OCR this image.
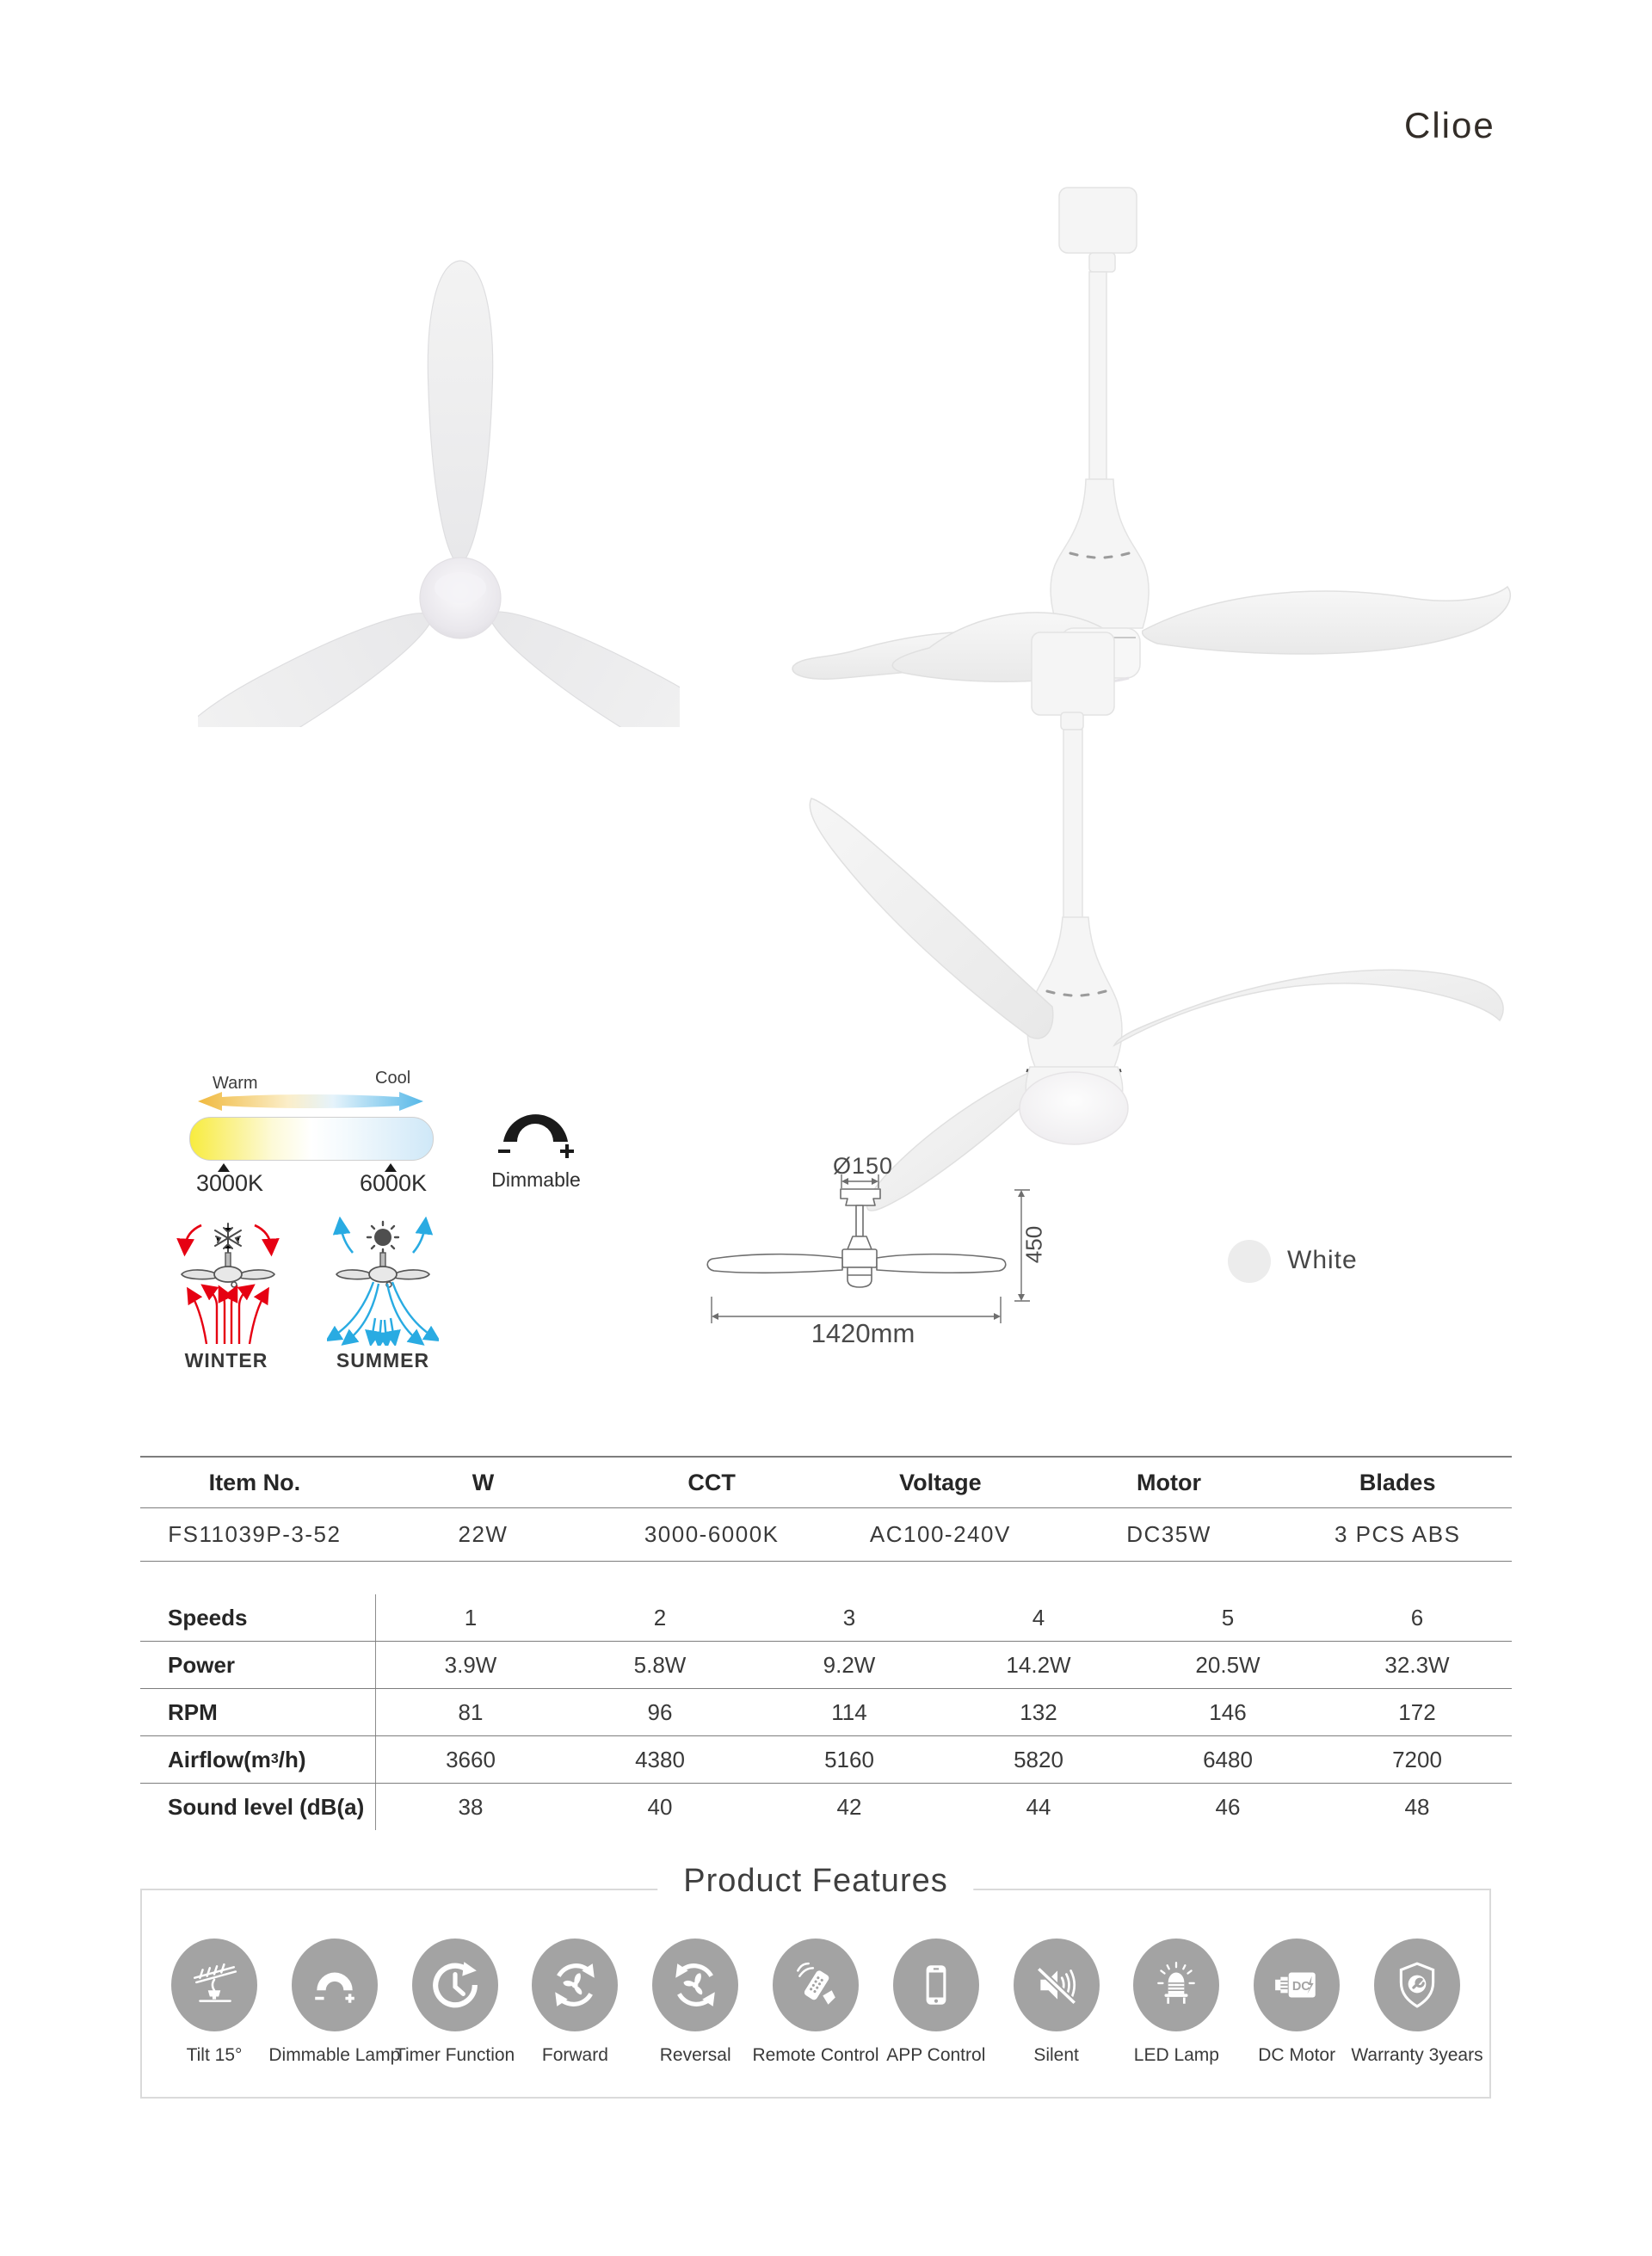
Clioe
Warm	Cool
3000K	6000K	Dimmable
WINTER	SUMMER
Ø150
450
1420mm
White
Item No.	W	CCT	Voltage	Motor	Blades
FS11039P-3-52	22W	3000-6000K	AC100-240V	DC35W	3 PCS ABS
Speeds	1	2	3	4	5	6
Power	3.9W	5.8W	9.2W	14.2W	20.5W	32.3W
RPM	81	96	114	132	146	172
Airflow(m 3 /h)	3660	4380	5160	5820	6480	7200
Sound level (dB(a)	38	40	42	44	46	48
Product Features
Tilt 15° Dimmable Lamp
Timer Function Forward	Reversal Remote Control APP Control	Silent	LED Lamp
DC
DC Motor Warranty 3years
